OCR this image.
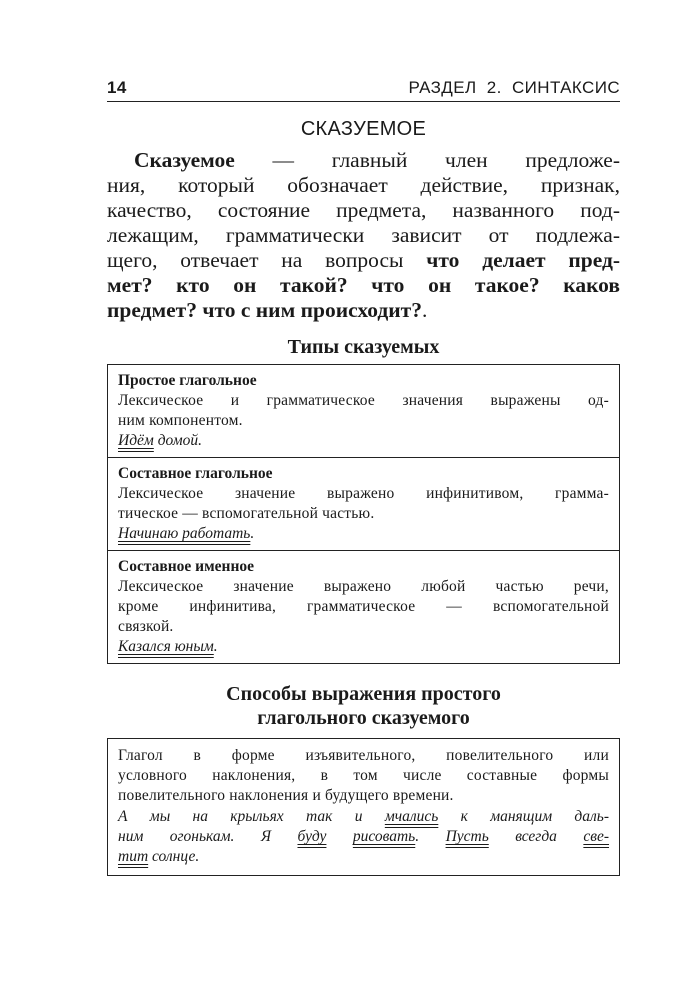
14	РАЗДЕЛ  2.  СИНТАКСИС
СКАЗУЕМОЕ
Сказуемое — главный член предложе-
ния, который обозначает действие, признак,
качество, состояние предмета, названного под-
лежащим, грамматически зависит от подлежа-
щего, отвечает на вопросы что делает пред-
мет? кто он такой? что он такое? каков
предмет? что с ним происходит?.
Типы сказуемых
Простое глагольное
Лексическое и грамматическое значения выражены од-
ним компонентом.
Идём домой.
Составное глагольное
Лексическое значение выражено инфинитивом, грамма-
тическое — вспомогательной частью.
Начинаю работать.
Составное именное
Лексическое значение выражено любой частью речи,
кроме инфинитива, грамматическое — вспомогательной
связкой.
Казался юным.
Способы выражения простого
глагольного сказуемого
Глагол в форме изъявительного, повелительного или
условного наклонения, в том числе составные формы
повелительного наклонения и будущего времени.
А мы на крыльях так и мчались к манящим даль-
ним огонькам. Я буду рисовать. Пусть всегда све-
тит солнце.
